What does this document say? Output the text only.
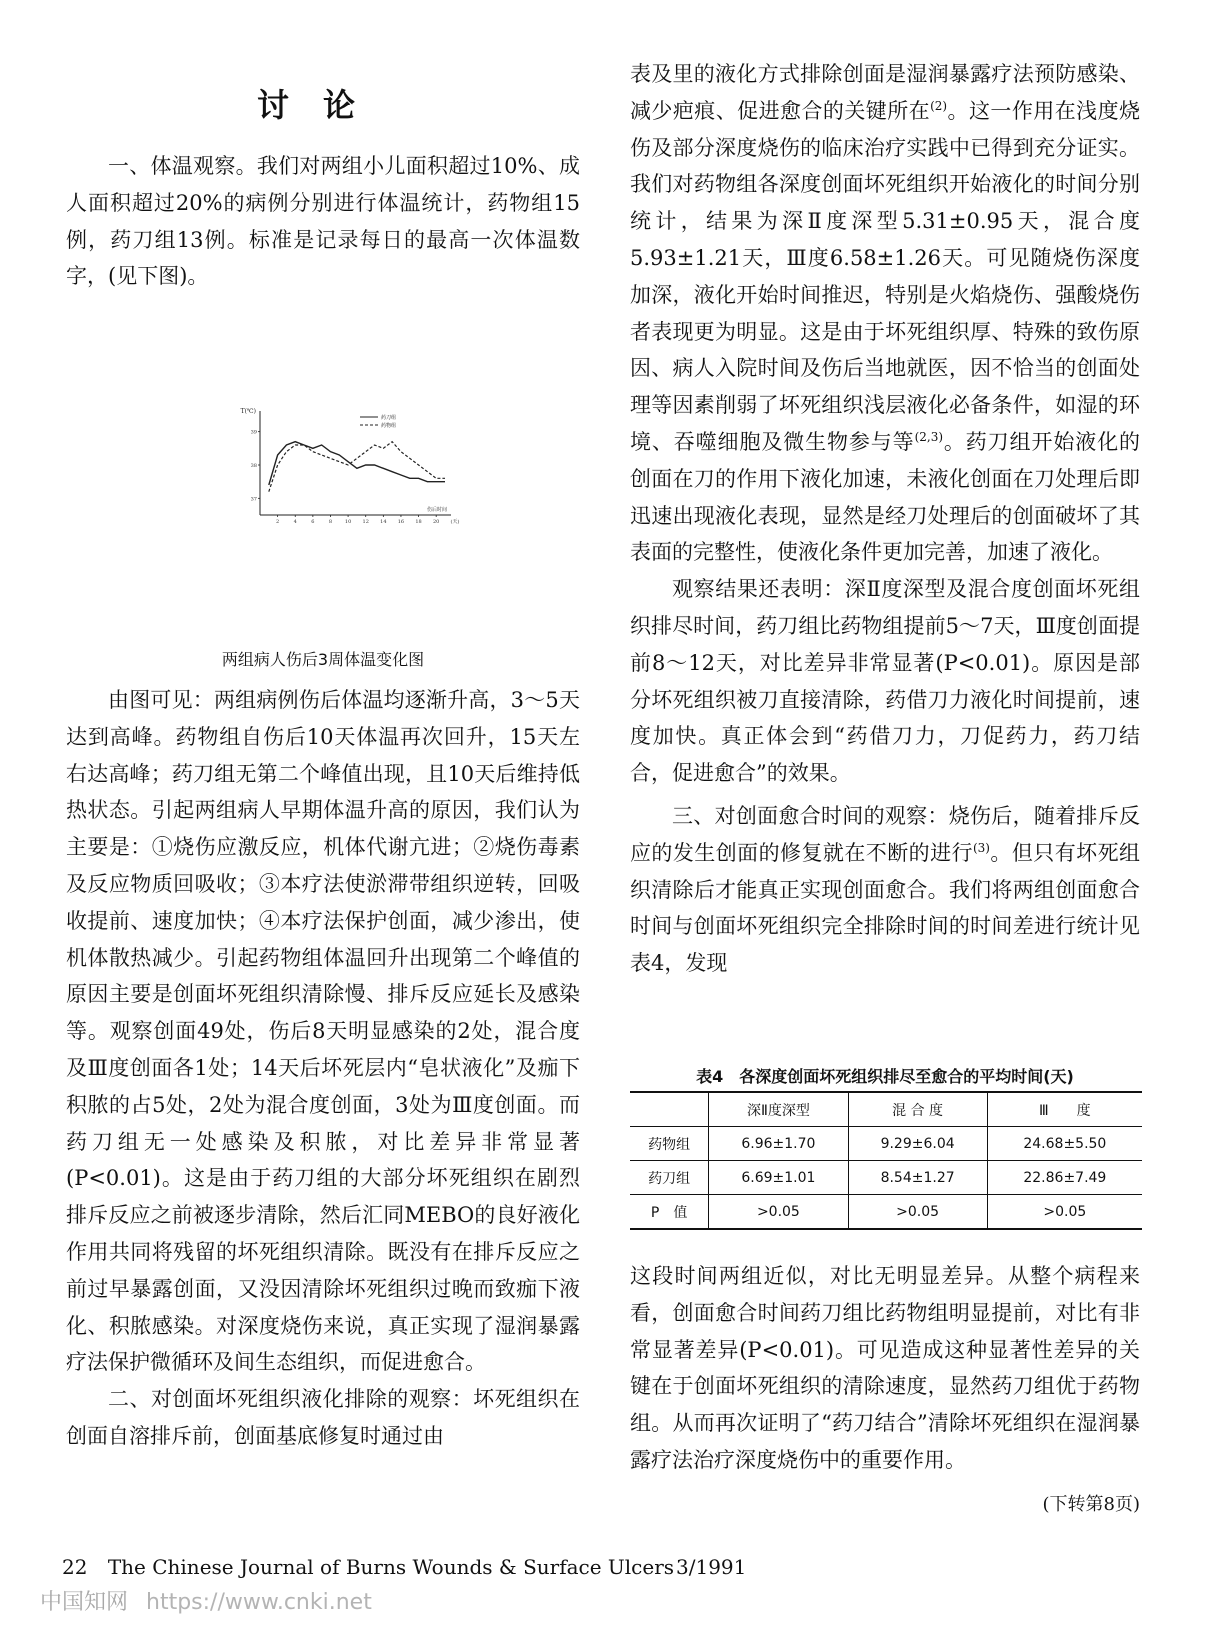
讨论

一、体温观察。我们对两组小儿面积超过10%、成人面积超过20%的病例分别进行体温统计，药物组15例，药刀组13例。标准是记录每日的最高一次体温数字，(见下图)。

T(℃)
39
38
37
2	4	6	8	10 12 14 16 18 20 (天)
伤后时间
药刀组
药物组
两组病人伤后3周体温变化图

由图可见：两组病例伤后体温均逐渐升高，3～5天达到高峰。药物组自伤后10天体温再次回升，15天左右达高峰；药刀组无第二个峰值出现，且10天后维持低热状态。引起两组病人早期体温升高的原因，我们认为主要是：①烧伤应激反应，机体代谢亢进；②烧伤毒素及反应物质回吸收；③本疗法使淤滞带组织逆转，回吸收提前、速度加快；④本疗法保护创面，减少渗出，使机体散热减少。引起药物组体温回升出现第二个峰值的原因主要是创面坏死组织清除慢、排斥反应延长及感染等。观察创面49处，伤后8天明显感染的2处，混合度及Ⅲ度创面各1处；14天后坏死层内“皂状液化”及痂下积脓的占5处，2处为混合度创面，3处为Ⅲ度创面。而药刀组无一处感染及积脓，对比差异非常显著(P<0.01)。这是由于药刀组的大部分坏死组织在剧烈排斥反应之前被逐步清除，然后汇同MEBO的良好液化作用共同将残留的坏死组织清除。既没有在排斥反应之前过早暴露创面，又没因清除坏死组织过晚而致痂下液化、积脓感染。对深度烧伤来说，真正实现了湿润暴露疗法保护微循环及间生态组织，而促进愈合。

二、对创面坏死组织液化排除的观察：坏死组织在创面自溶排斥前，创面基底修复时通过由

表及里的液化方式排除创面是湿润暴露疗法预防感染、减少疤痕、促进愈合的关键所在$^{(2)}$。这一作用在浅度烧伤及部分深度烧伤的临床治疗实践中已得到充分证实。我们对药物组各深度创面坏死组织开始液化的时间分别统计，结果为深Ⅱ度深型5.31±0.95天，混合度5.93±1.21天，Ⅲ度6.58±1.26天。可见随烧伤深度加深，液化开始时间推迟，特别是火焰烧伤、强酸烧伤者表现更为明显。这是由于坏死组织厚、特殊的致伤原因、病人入院时间及伤后当地就医，因不恰当的创面处理等因素削弱了坏死组织浅层液化必备条件，如湿的环境、吞噬细胞及微生物参与等$^{(2,3)}$。药刀组开始液化的创面在刀的作用下液化加速，未液化创面在刀处理后即迅速出现液化表现，显然是经刀处理后的创面破坏了其表面的完整性，使液化条件更加完善，加速了液化。

观察结果还表明：深Ⅱ度深型及混合度创面坏死组织排尽时间，药刀组比药物组提前5～7天，Ⅲ度创面提前8～12天，对比差异非常显著(P<0.01)。原因是部分坏死组织被刀直接清除，药借刀力液化时间提前，速度加快。真正体会到“药借刀力，刀促药力，药刀结合，促进愈合”的效果。

三、对创面愈合时间的观察：烧伤后，随着排斥反应的发生创面的修复就在不断的进行$^{(3)}$。但只有坏死组织清除后才能真正实现创面愈合。我们将两组创面愈合时间与创面坏死组织完全排除时间的时间差进行统计见表4，发现

表4　各深度创面坏死组织排尽至愈合的平均时间(天)
	深Ⅱ度深型	混 合 度	Ⅲ　　度
药物组	6.96±1.70	9.29±6.04	24.68±5.50
药刀组	6.69±1.01	8.54±1.27	22.86±7.49
P　值	>0.05	>0.05	>0.05

这段时间两组近似，对比无明显差异。从整个病程来看，创面愈合时间药刀组比药物组明显提前，对比有非常显著差异(P<0.01)。可见造成这种显著性差异的关键在于创面坏死组织的清除速度，显然药刀组优于药物组。从而再次证明了“药刀结合”清除坏死组织在湿润暴露疗法治疗深度烧伤中的重要作用。

(下转第8页)

22 The Chinese Journal of Burns Wounds & Surface Ulcers 3/1991
中国知网 https://www.cnki.net
